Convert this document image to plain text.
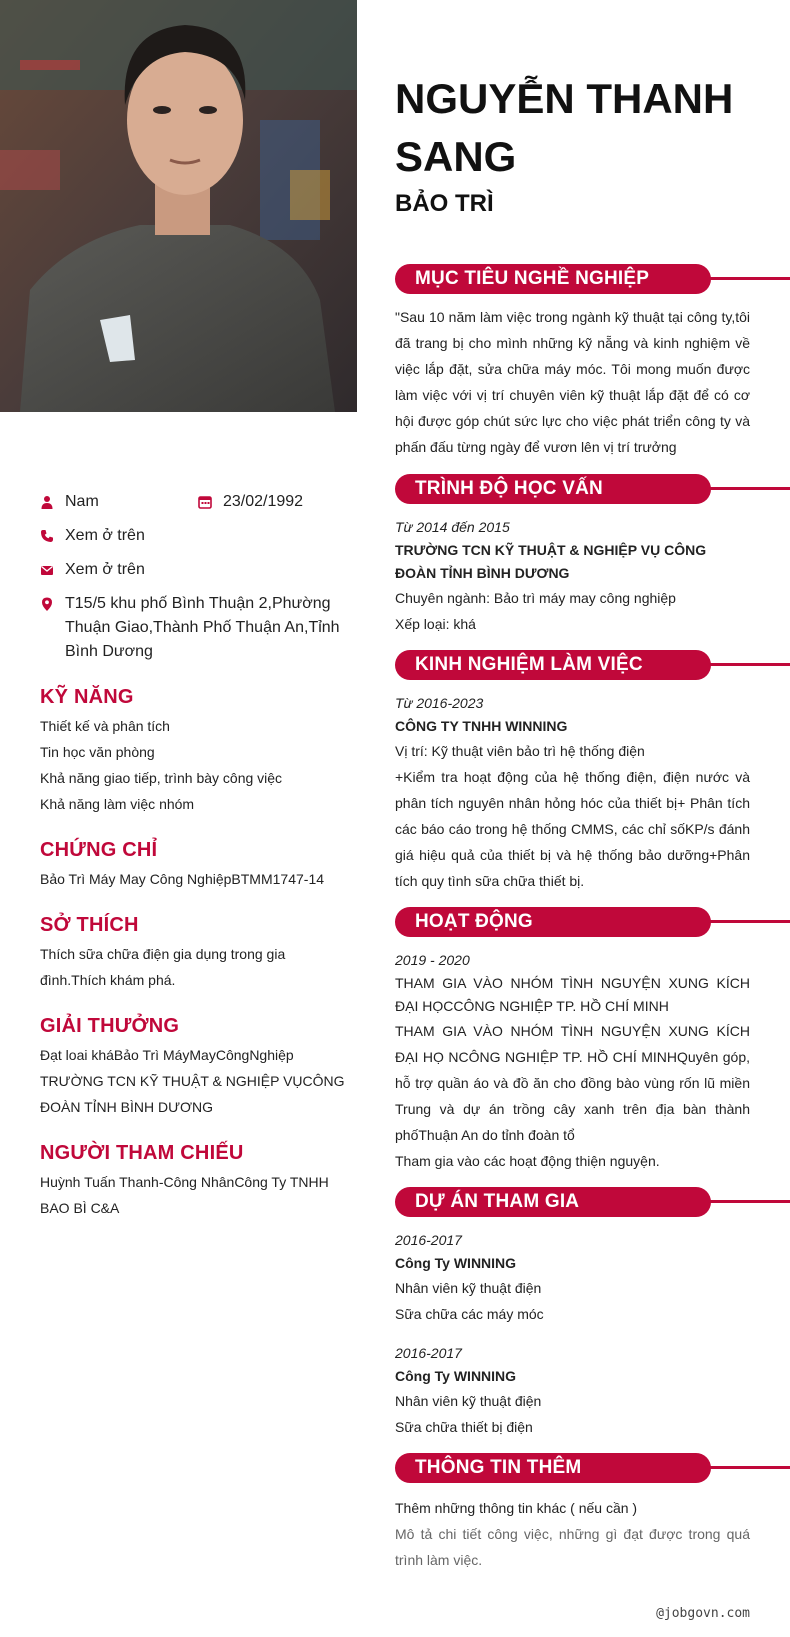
Nam	23/02/1992
Xem ở trên
Xem ở trên
T15/5 khu phố Bình Thuận 2,Phường Thuận Giao,Thành Phố Thuận An,Tỉnh Bình Dương
KỸ NĂNG
Thiết kế và phân tích
Tin học văn phòng
Khả năng giao tiếp, trình bày công việc
Khả năng làm việc nhóm
CHỨNG CHỈ
Bảo Trì Máy May Công NghiệpBTMM1747-14
SỞ THÍCH
Thích sữa chữa điện gia dụng trong gia đình.Thích khám phá.
GIẢI THƯỞNG
Đạt loai kháBảo Trì MáyMayCôngNghiệp TRƯỜNG TCN KỸ THUẬT & NGHIỆP VỤCÔNG ĐOÀN TỈNH BÌNH DƯƠNG
NGƯỜI THAM CHIẾU
Huỳnh Tuấn Thanh-Công NhânCông Ty TNHH BAO BÌ C&A
NGUYỄN THANH SANG
BẢO TRÌ
MỤC TIÊU NGHỀ NGHIỆP
"Sau 10 năm làm việc trong ngành kỹ thuật tại công ty,tôi đã trang bị cho mình những kỹ nẵng và kinh nghiệm về việc lắp đặt, sửa chữa máy móc. Tôi mong muốn được làm việc với vị trí chuyên viên kỹ thuật lắp đặt để có cơ hội được góp chút sức lực cho việc phát triển công ty và phấn đấu từng ngày để vươn lên vị trí trưởng
TRÌNH ĐỘ HỌC VẤN
Từ 2014 đến 2015
TRƯỜNG TCN KỸ THUẬT & NGHIỆP VỤ CÔNG ĐOÀN TỈNH BÌNH DƯƠNG
Chuyên ngành: Bảo trì máy may công nghiệp
Xếp loại: khá
KINH NGHIỆM LÀM VIỆC
Từ 2016-2023
CÔNG TY TNHH WINNING
Vị trí: Kỹ thuật viên bảo trì hệ thống điện
+Kiểm tra hoạt động của hệ thống điện, điện nước và phân tích nguyên nhân hỏng hóc của thiết bị+ Phân tích các báo cáo trong hệ thống CMMS, các chỉ sốKP/s đánh giá hiệu quả của thiết bị và hệ thống bảo dưỡng+Phân tích quy tình sữa chữa thiết bị.
HOẠT ĐỘNG
2019 - 2020
THAM GIA VÀO NHÓM TÌNH NGUYỆN XUNG KÍCH ĐẠI HỌCCÔNG NGHIỆP TP. HỒ CHÍ MINH
THAM GIA VÀO NHÓM TÌNH NGUYỆN XUNG KÍCH ĐẠI HỌ NCÔNG NGHIỆP TP. HỒ CHÍ MINHQuyên góp, hỗ trợ quần áo và đồ ăn cho đồng bào vùng rốn lũ miền Trung và dự án trồng cây xanh trên địa bàn thành phốThuận An do tỉnh đoàn tổ
Tham gia vào các hoạt động thiện nguyện.
DỰ ÁN THAM GIA
2016-2017
Công Ty WINNING
Nhân viên kỹ thuật điện
Sữa chữa các máy móc
2016-2017
Công Ty WINNING
Nhân viên kỹ thuật điện
Sữa chữa thiết bị điện
THÔNG TIN THÊM
Thêm những thông tin khác ( nếu cần )
Mô tả chi tiết công việc, những gì đạt được trong quá trình làm việc.
@jobgovn.com
